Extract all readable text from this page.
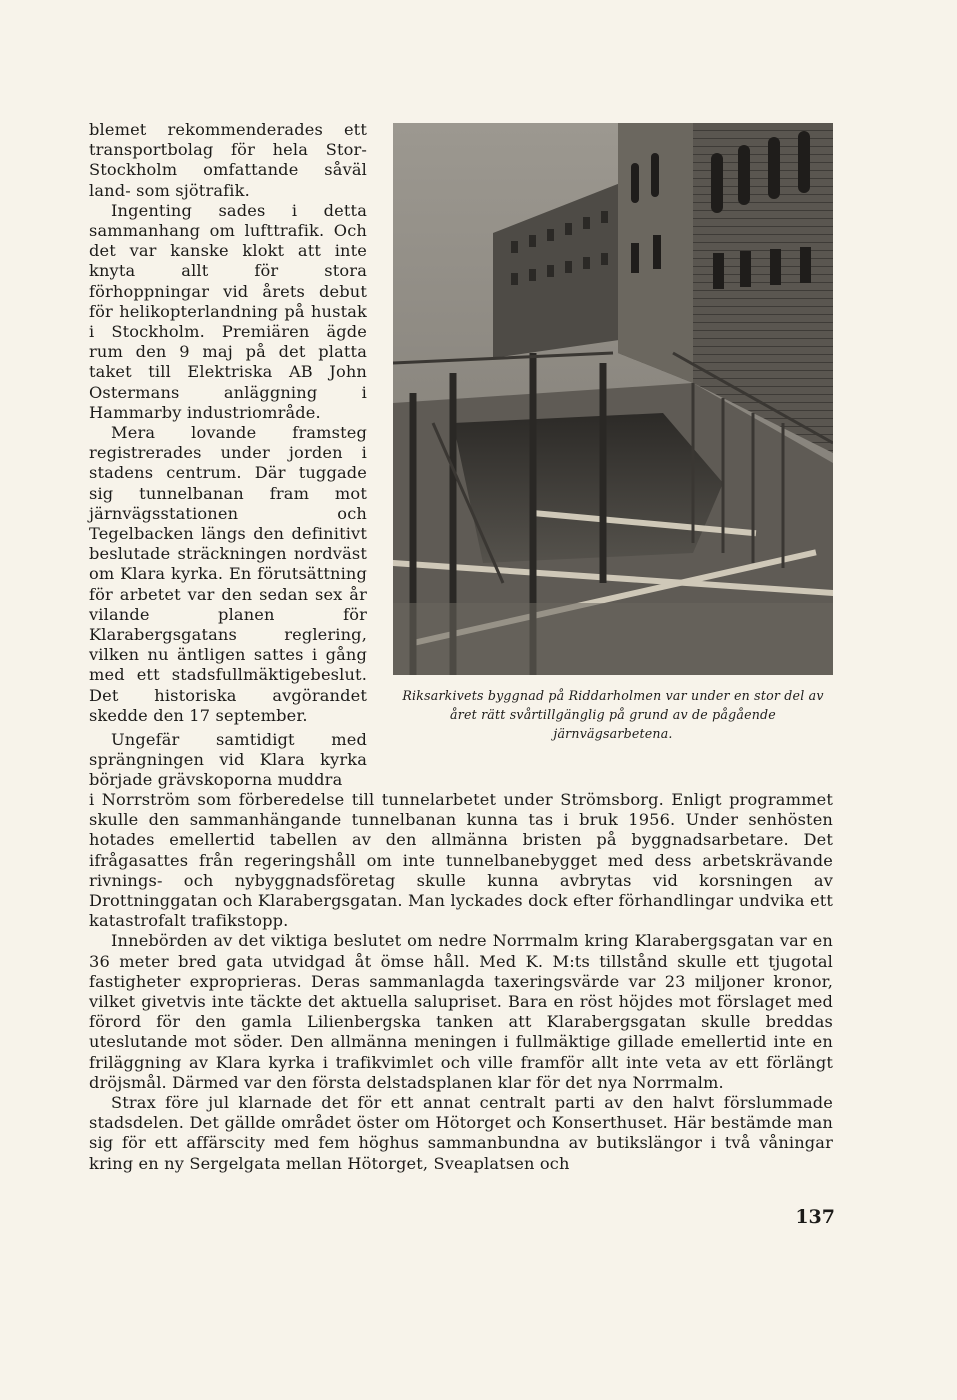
blemet rekommenderades ett transportbolag för hela Stor-Stockholm omfattande såväl land- som sjötrafik.

Ingenting sades i detta sammanhang om lufttrafik. Och det var kanske klokt att inte knyta allt för stora förhoppningar vid årets debut för helikopterlandning på hustak i Stockholm. Premiären ägde rum den 9 maj på det platta taket till Elektriska AB John Ostermans anläggning i Hammarby industriområde.

Mera lovande framsteg registrerades under jorden i stadens centrum. Där tuggade sig tunnelbanan fram mot järnvägsstationen och Tegelbacken längs den definitivt beslutade sträckningen nordväst om Klara kyrka. En förutsättning för arbetet var den sedan sex år vilande planen för Klarabergsgatans reglering, vilken nu äntligen sattes i gång med ett stadsfullmäktigebeslut. Det historiska avgörandet skedde den 17 september.

Riksarkivets byggnad på Riddarholmen var under en stor del av året rätt svårtillgänglig på grund av de pågående järnvägsarbetena.

Ungefär samtidigt med sprängningen vid Klara kyrka började grävskoporna muddra

i Norrström som förberedelse till tunnelarbetet under Strömsborg. Enligt programmet skulle den sammanhängande tunnelbanan kunna tas i bruk 1956. Under senhösten hotades emellertid tabellen av den allmänna bristen på byggnadsarbetare. Det ifrågasattes från regeringshåll om inte tunnelbanebygget med dess arbetskrävande rivnings- och nybyggnadsföretag skulle kunna avbrytas vid korsningen av Drottninggatan och Klarabergsgatan. Man lyckades dock efter förhandlingar undvika ett katastrofalt trafikstopp.

Innebörden av det viktiga beslutet om nedre Norrmalm kring Klarabergsgatan var en 36 meter bred gata utvidgad åt ömse håll. Med K. M:ts tillstånd skulle ett tjugotal fastigheter exproprieras. Deras sammanlagda taxeringsvärde var 23 miljoner kronor, vilket givetvis inte täckte det aktuella salupriset. Bara en röst höjdes mot förslaget med förord för den gamla Lilienbergska tanken att Klarabergsgatan skulle breddas uteslutande mot söder. Den allmänna meningen i fullmäktige gillade emellertid inte en friläggning av Klara kyrka i trafikvimlet och ville framför allt inte veta av ett förlängt dröjsmål. Därmed var den första delstadsplanen klar för det nya Norrmalm.

Strax före jul klarnade det för ett annat centralt parti av den halvt förslummade stadsdelen. Det gällde området öster om Hötorget och Konserthuset. Här bestämde man sig för ett affärscity med fem höghus sammanbundna av butikslängor i två våningar kring en ny Sergelgata mellan Hötorget, Sveaplatsen och

137
